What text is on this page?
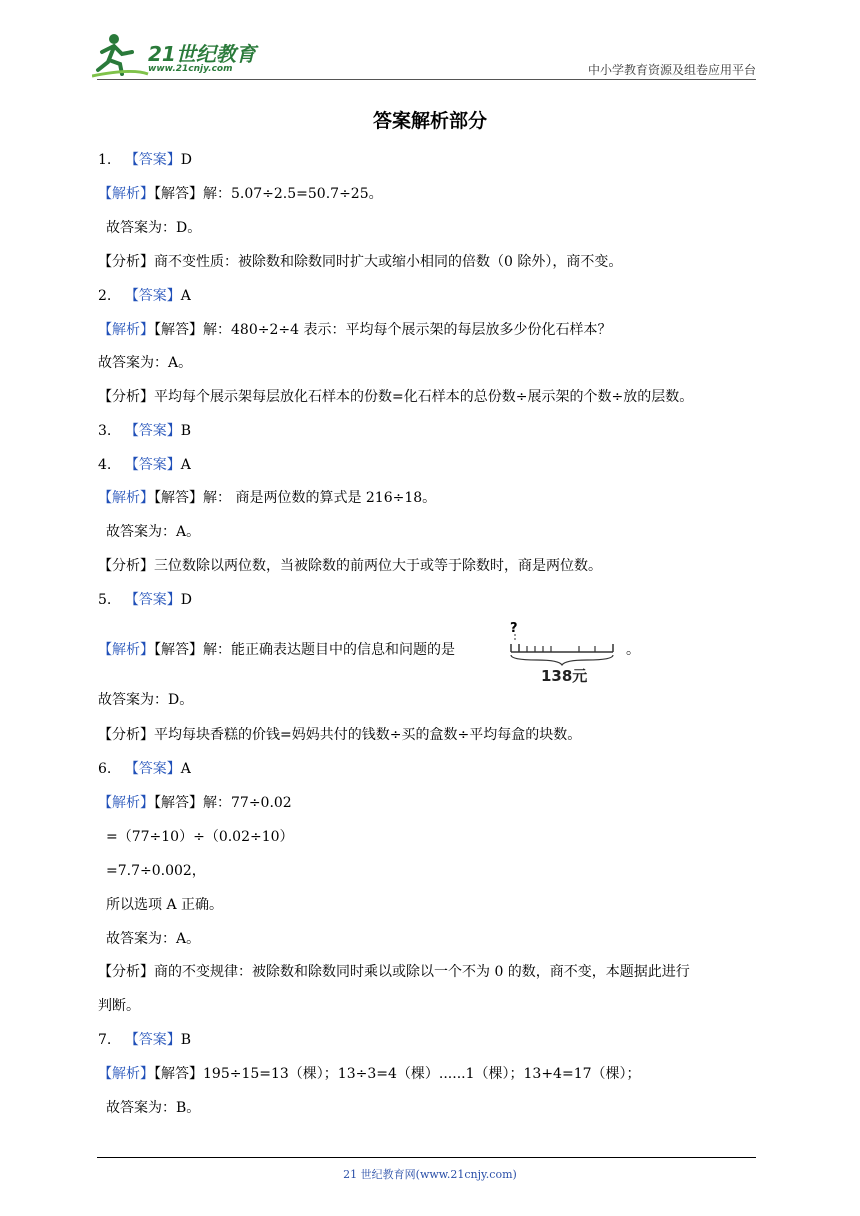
21世纪教育
www.21cnjy.com	中小学教育资源及组卷应用平台
答案解析部分
1. 【答案】D
【解析】【解答】解：5.07÷2.5=50.7÷25。
故答案为：D。
【分析】商不变性质：被除数和除数同时扩大或缩小相同的倍数（0 除外），商不变。
2. 【答案】A
【解析】【解答】解：480÷2÷4 表示：平均每个展示架的每层放多少份化石样本？
故答案为：A。
【分析】平均每个展示架每层放化石样本的份数=化石样本的总份数÷展示架的个数÷放的层数。
3. 【答案】B
4. 【答案】A
【解析】【解答】解： 商是两位数的算式是 216÷18。
故答案为：A。
【分析】三位数除以两位数，当被除数的前两位大于或等于除数时，商是两位数。
5. 【答案】D
【解析】【解答】解：能正确表达题目中的信息和问题的是
?
138元
。
故答案为：D。
【分析】平均每块香糕的价钱=妈妈共付的钱数÷买的盒数÷平均每盒的块数。
6. 【答案】A
【解析】【解答】解：77÷0.02
=（77÷10）÷（0.02÷10）
=7.7÷0.002，
所以选项 A 正确。
故答案为：A。
【分析】商的不变规律：被除数和除数同时乘以或除以一个不为 0 的数，商不变，本题据此进行
判断。
7. 【答案】B
【解析】【解答】195÷15=13（棵）；13÷3=4（棵）......1（棵）；13+4=17（棵）；
故答案为：B。
21 世纪教育网(www.21cnjy.com)
